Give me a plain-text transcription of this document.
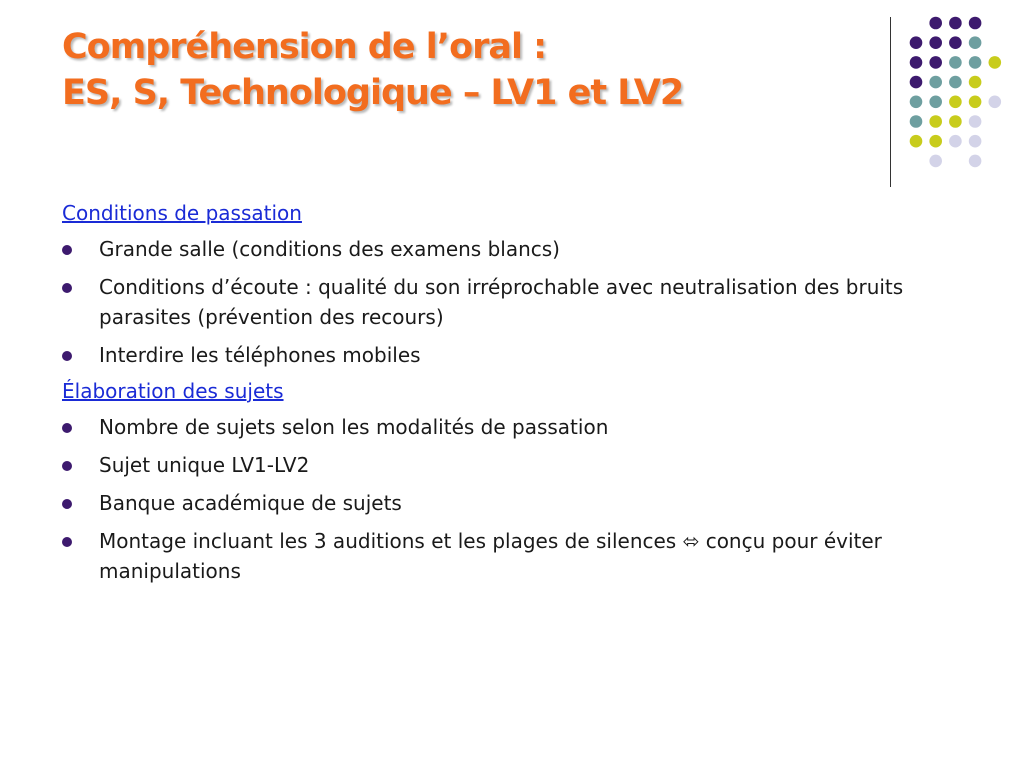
Compréhension de l’oral :
ES, S, Technologique – LV1 et LV2
Conditions de passation
Grande salle (conditions des examens blancs)
Conditions d’écoute : qualité du son irréprochable avec neutralisation des bruits parasites (prévention des recours)
Interdire les téléphones mobiles
Élaboration des sujets
Nombre de sujets selon les modalités de passation
Sujet unique LV1-LV2
Banque académique de sujets
Montage incluant les 3 auditions et les plages de silences ⬄ conçu pour éviter manipulations
